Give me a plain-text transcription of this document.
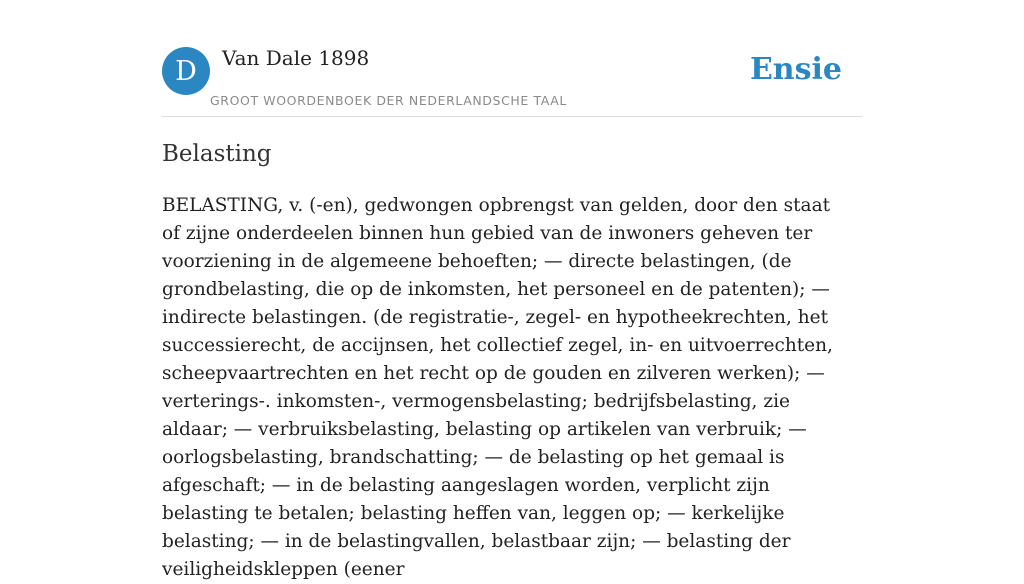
D Van Dale 1898
GROOT WOORDENBOEK DER NEDERLANDSCHE TAAL
Ensie
Belasting

BELASTING, v. (-en), gedwongen opbrengst van gelden, door den staat of zijne onderdeelen binnen hun gebied van de inwoners geheven ter voorziening in de algemeene behoeften; — directe belastingen, (de grondbelasting, die op de inkomsten, het personeel en de patenten); — indirecte belastingen. (de registratie-, zegel- en hypotheekrechten, het successierecht, de accijnsen, het collectief zegel, in- en uitvoerrechten, scheepvaartrechten en het recht op de gouden en zilveren werken); — verterings-. inkomsten-, vermogensbelasting; bedrijfsbelasting, zie aldaar; — verbruiksbelasting, belasting op artikelen van verbruik; — oorlogsbelasting, brandschatting; — de belasting op het gemaal is afgeschaft; — in de belasting aangeslagen worden, verplicht zijn belasting te betalen; belasting heffen van, leggen op; — kerkelijke belasting; — in de belastingvallen, belastbaar zijn; — belasting der veiligheidskleppen (eener
